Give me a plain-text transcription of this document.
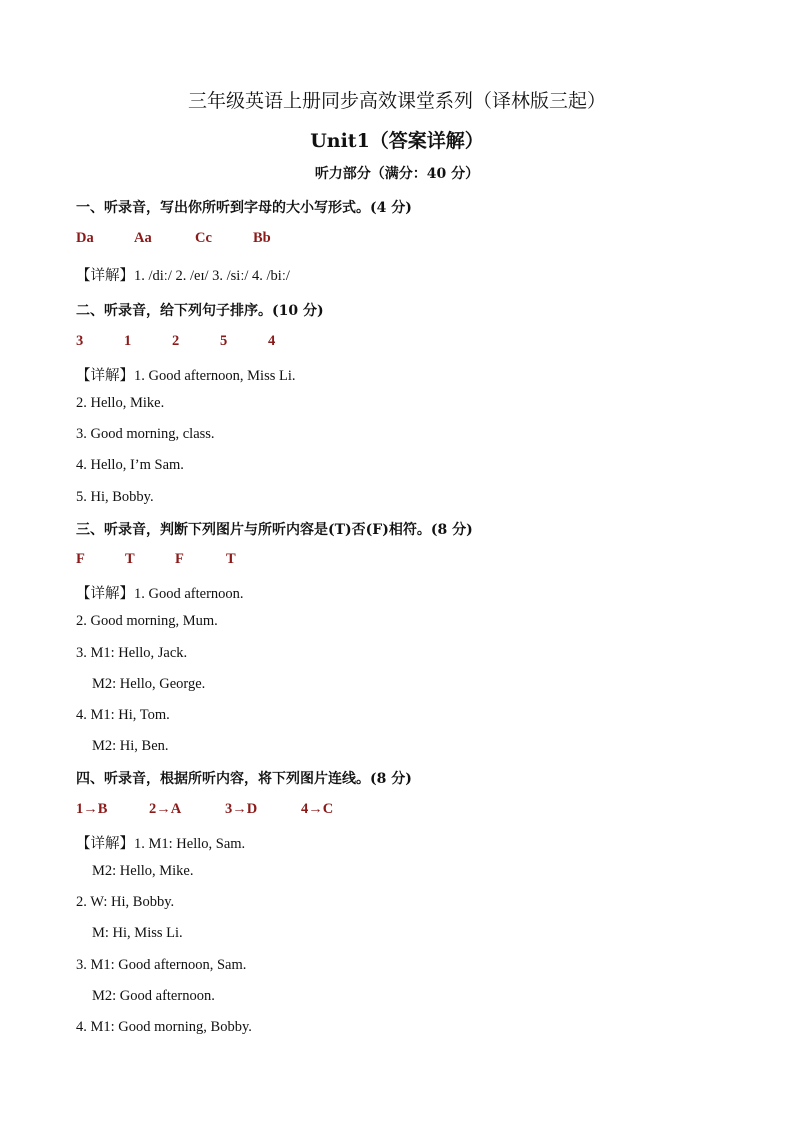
三年级英语上册同步高效课堂系列（译林版三起）
Unit1（答案详解）
听力部分（满分：40 分）
一、听录音，写出你所听到字母的大小写形式。(4 分)
Da	Aa	Cc	Bb
【详解】1. /diː/ 2. /eɪ/ 3. /siː/ 4. /biː/
二、听录音，给下列句子排序。(10 分)
3	1	2	5	4
【详解】1. Good afternoon, Miss Li.
2. Hello, Mike.
3. Good morning, class.
4. Hello, I’m Sam.
5. Hi, Bobby.
三、听录音，判断下列图片与所听内容是(T)否(F)相符。(8 分)
F	T	F	T
【详解】1. Good afternoon.
2. Good morning, Mum.
3. M1: Hello, Jack.
M2: Hello, George.
4. M1: Hi, Tom.
M2: Hi, Ben.
四、听录音，根据所听内容，将下列图片连线。(8 分)
1→B	2→A	3→D	4→C
【详解】1. M1: Hello, Sam.
M2: Hello, Mike.
2. W: Hi, Bobby.
M: Hi, Miss Li.
3. M1: Good afternoon, Sam.
M2: Good afternoon.
4. M1: Good morning, Bobby.
